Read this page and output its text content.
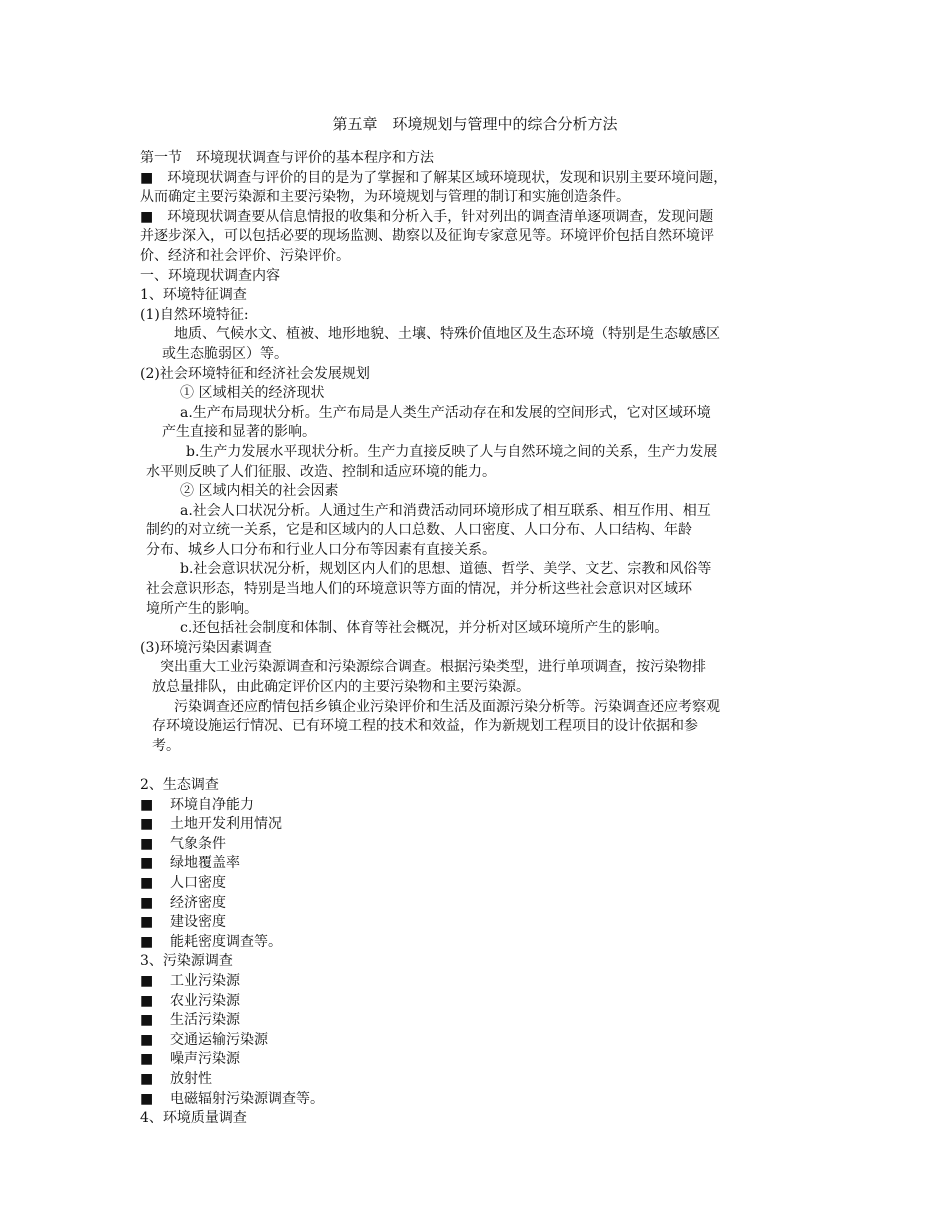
第五章　环境规划与管理中的综合分析方法
第一节　环境现状调查与评价的基本程序和方法
■　环境现状调查与评价的目的是为了掌握和了解某区域环境现状，发现和识别主要环境问题，
从而确定主要污染源和主要污染物，为环境规划与管理的制订和实施创造条件。
■　环境现状调查要从信息情报的收集和分析入手，针对列出的调查清单逐项调查，发现问题
并逐步深入，可以包括必要的现场监测、勘察以及征询专家意见等。环境评价包括自然环境评
价、经济和社会评价、污染评价。
一、环境现状调查内容
1、环境特征调查
(1)自然环境特征:
地质、气候水文、植被、地形地貌、土壤、特殊价值地区及生态环境（特别是生态敏感区
或生态脆弱区）等。
(2)社会环境特征和经济社会发展规划
① 区域相关的经济现状
a.生产布局现状分析。生产布局是人类生产活动存在和发展的空间形式，它对区域环境
产生直接和显著的影响。
b.生产力发展水平现状分析。生产力直接反映了人与自然环境之间的关系，生产力发展
水平则反映了人们征服、改造、控制和适应环境的能力。
② 区域内相关的社会因素
a.社会人口状况分析。人通过生产和消费活动同环境形成了相互联系、相互作用、相互
制约的对立统一关系，它是和区域内的人口总数、人口密度、人口分布、人口结构、年龄
分布、城乡人口分布和行业人口分布等因素有直接关系。
b.社会意识状况分析，规划区内人们的思想、道德、哲学、美学、文艺、宗教和风俗等
社会意识形态，特别是当地人们的环境意识等方面的情况，并分析这些社会意识对区域环
境所产生的影响。
c.还包括社会制度和体制、体育等社会概况，并分析对区域环境所产生的影响。
(3)环境污染因素调查
突出重大工业污染源调查和污染源综合调查。根据污染类型，进行单项调查，按污染物排
放总量排队，由此确定评价区内的主要污染物和主要污染源。
污染调查还应酌情包括乡镇企业污染评价和生活及面源污染分析等。污染调查还应考察观
存环境设施运行情况、已有环境工程的技术和效益，作为新规划工程项目的设计依据和参
考。
2、生态调查
■ 环境自净能力
■ 土地开发利用情况
■ 气象条件
■ 绿地覆盖率
■ 人口密度
■ 经济密度
■ 建设密度
■ 能耗密度调查等。
3、污染源调查
■ 工业污染源
■ 农业污染源
■ 生活污染源
■ 交通运输污染源
■ 噪声污染源
■ 放射性
■ 电磁辐射污染源调查等。
4、环境质量调查
